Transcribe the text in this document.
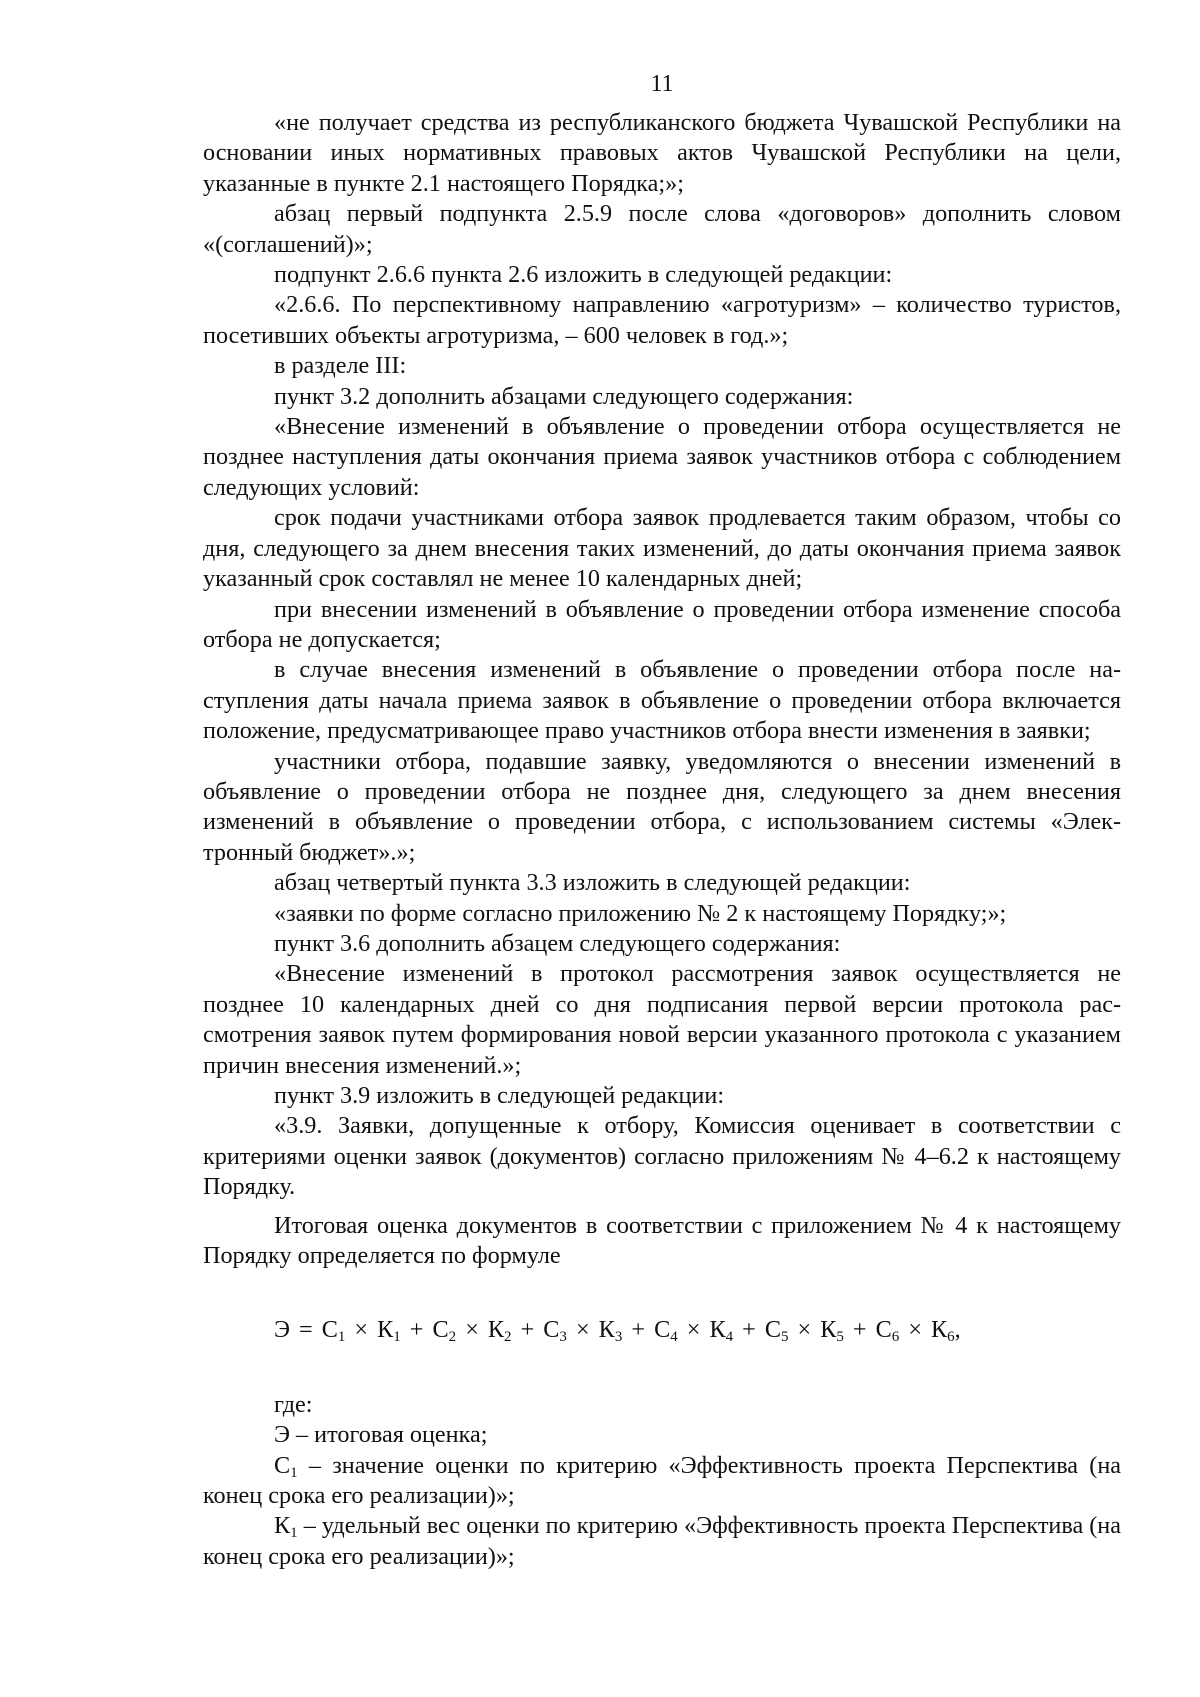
11

«не получает средства из республиканского бюджета Чувашской Республики на основании иных нормативных правовых актов Чувашской Республики на цели, указанные в пункте 2.1 настоящего Порядка;»;

абзац первый подпункта 2.5.9 после слова «договоров» дополнить словом «(соглашений)»;

подпункт 2.6.6 пункта 2.6 изложить в следующей редакции:

«2.6.6. По перспективному направлению «агротуризм» – количество туристов, посетивших объекты агротуризма, – 600 человек в год.»;

в разделе III:

пункт 3.2 дополнить абзацами следующего содержания:

«Внесение изменений в объявление о проведении отбора осуществляется не позднее наступления даты окончания приема заявок участников отбора с соблюдением следующих условий:

срок подачи участниками отбора заявок продлевается таким образом, чтобы со дня, следующего за днем внесения таких изменений, до даты окончания приема заявок указанный срок составлял не менее 10 календарных дней;

при внесении изменений в объявление о проведении отбора изменение способа отбора не допускается;

в случае внесения изменений в объявление о проведении отбора после наступления даты начала приема заявок в объявление о проведении отбора включается положение, предусматривающее право участников отбора внести изменения в заявки;

участники отбора, подавшие заявку, уведомляются о внесении изменений в объявление о проведении отбора не позднее дня, следующего за днем внесения изменений в объявление о проведении отбора, с использованием системы «Электронный бюджет».»;

абзац четвертый пункта 3.3 изложить в следующей редакции:

«заявки по форме согласно приложению № 2 к настоящему Порядку;»;

пункт 3.6 дополнить абзацем следующего содержания:

«Внесение изменений в протокол рассмотрения заявок осуществляется не позднее 10 календарных дней со дня подписания первой версии протокола рассмотрения заявок путем формирования новой версии указанного протокола с указанием причин внесения изменений.»;

пункт 3.9 изложить в следующей редакции:

«3.9. Заявки, допущенные к отбору, Комиссия оценивает в соответствии с критериями оценки заявок (документов) согласно приложениям № 4–6.2 к настоящему Порядку.

Итоговая оценка документов в соответствии с приложением № 4 к настоящему Порядку определяется по формуле

$Э = С_1 \times К_1 + С_2 \times К_2 + С_3 \times К_3 + С_4 \times К_4 + С_5 \times К_5 + С_6 \times К_6$,

где:

Э – итоговая оценка;

$С_1$ – значение оценки по критерию «Эффективность проекта Перспектива (на конец срока его реализации)»;

$К_1$ – удельный вес оценки по критерию «Эффективность проекта Перспектива (на конец срока его реализации)»;
